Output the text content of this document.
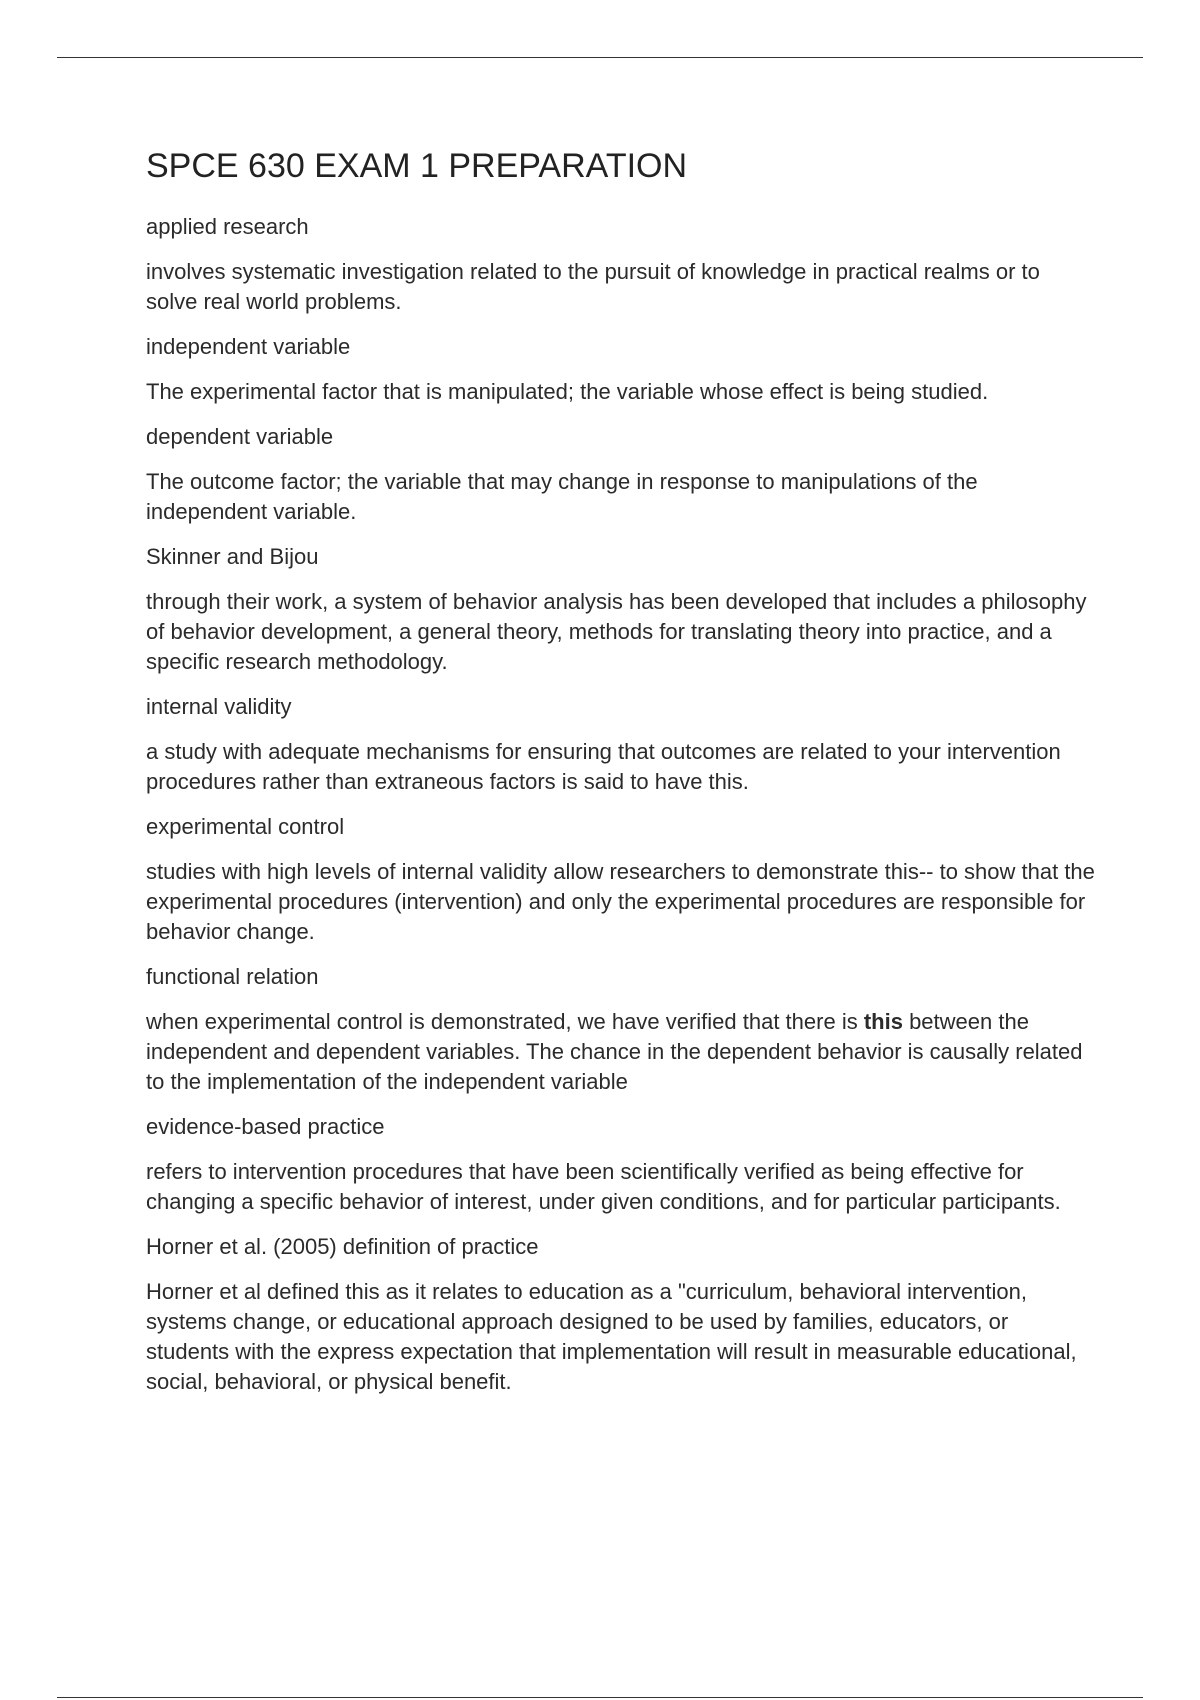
SPCE 630 EXAM 1 PREPARATION

applied research

involves systematic investigation related to the pursuit of knowledge in practical realms or to solve real world problems.

independent variable

The experimental factor that is manipulated; the variable whose effect is being studied.

dependent variable

The outcome factor; the variable that may change in response to manipulations of the independent variable.

Skinner and Bijou

through their work, a system of behavior analysis has been developed that includes a philosophy of behavior development, a general theory, methods for translating theory into practice, and a specific research methodology.

internal validity

a study with adequate mechanisms for ensuring that outcomes are related to your intervention procedures rather than extraneous factors is said to have this.

experimental control

studies with high levels of internal validity allow researchers to demonstrate this-- to show that the experimental procedures (intervention) and only the experimental procedures are responsible for behavior change.

functional relation

when experimental control is demonstrated, we have verified that there is this between the independent and dependent variables. The chance in the dependent behavior is causally related to the implementation of the independent variable

evidence-based practice

refers to intervention procedures that have been scientifically verified as being effective for changing a specific behavior of interest, under given conditions, and for particular participants.

Horner et al. (2005) definition of practice

Horner et al defined this as it relates to education as a "curriculum, behavioral intervention, systems change, or educational approach designed to be used by families, educators, or students with the express expectation that implementation will result in measurable educational, social, behavioral, or physical benefit.
